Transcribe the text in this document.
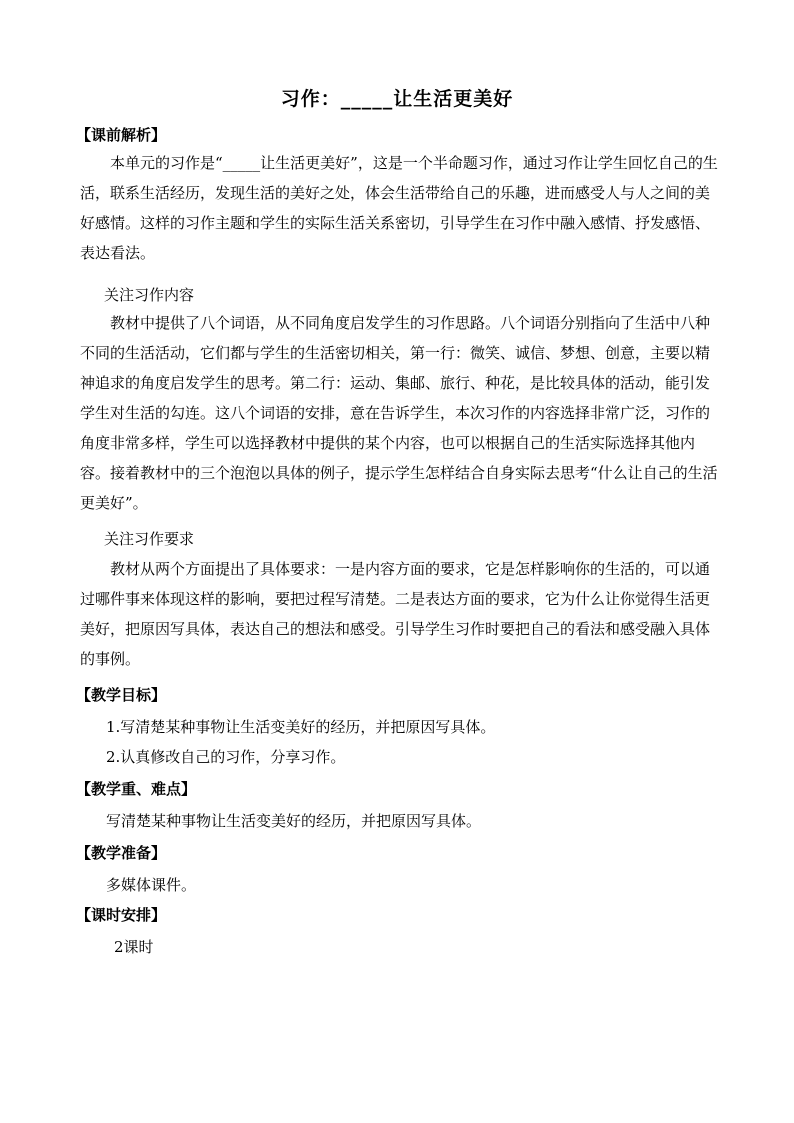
习作：_____让生活更美好
【课前解析】
本单元的习作是“_____让生活更美好”，这是一个半命题习作，通过习作让学生回忆自己的生活，联系生活经历，发现生活的美好之处，体会生活带给自己的乐趣，进而感受人与人之间的美好感情。这样的习作主题和学生的实际生活关系密切，引导学生在习作中融入感情、抒发感悟、表达看法。
关注习作内容
教材中提供了八个词语，从不同角度启发学生的习作思路。八个词语分别指向了生活中八种不同的生活活动，它们都与学生的生活密切相关，第一行：微笑、诚信、梦想、创意，主要以精神追求的角度启发学生的思考。第二行：运动、集邮、旅行、种花，是比较具体的活动，能引发学生对生活的勾连。这八个词语的安排，意在告诉学生，本次习作的内容选择非常广泛，习作的角度非常多样，学生可以选择教材中提供的某个内容，也可以根据自己的生活实际选择其他内容。接着教材中的三个泡泡以具体的例子，提示学生怎样结合自身实际去思考“什么让自己的生活更美好”。
关注习作要求
教材从两个方面提出了具体要求：一是内容方面的要求，它是怎样影响你的生活的，可以通过哪件事来体现这样的影响，要把过程写清楚。二是表达方面的要求，它为什么让你觉得生活更美好，把原因写具体，表达自己的想法和感受。引导学生习作时要把自己的看法和感受融入具体的事例。
【教学目标】
1.写清楚某种事物让生活变美好的经历，并把原因写具体。
2.认真修改自己的习作，分享习作。
【教学重、难点】
写清楚某种事物让生活变美好的经历，并把原因写具体。
【教学准备】
多媒体课件。
【课时安排】
2课时
